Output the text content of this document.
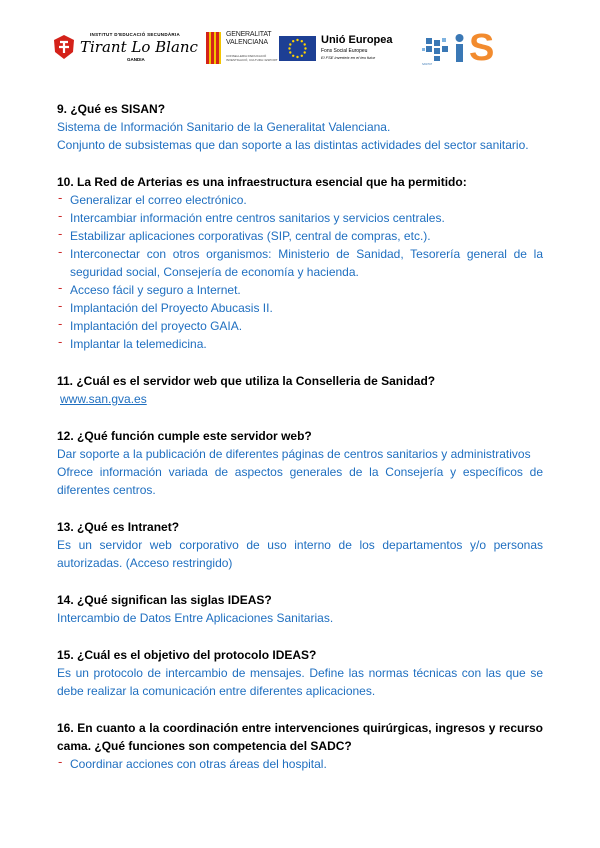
INSTITUT D'EDUCACIÓ SECUNDÀRIA
Tirant Lo Blanc
GANDIA
GENERALITAT
VALENCIANA
CONSELLERIA D'EDUCACIÓ
INVESTIGACIÓ, CULTURA I ESPORT
Unió Europea
Fons Social Europeu
El FSE inverteix en el teu futur
SANITAT S

9. ¿Qué es SISAN?

Sistema de Información Sanitario de la Generalitat Valenciana.

Conjunto de subsistemas que dan soporte a las distintas actividades del sector sanitario.

10. La Red de Arterias es una infraestructura esencial que ha permitido:

- Generalizar el correo electrónico.
- Intercambiar información entre centros sanitarios y servicios centrales.
- Estabilizar aplicaciones corporativas (SIP, central de compras, etc.).
- Interconectar con otros organismos: Ministerio de Sanidad, Tesorería general de la seguridad social, Consejería de economía y hacienda.
- Acceso fácil y seguro a Internet.
- Implantación del Proyecto Abucasis II.
- Implantación del proyecto GAIA.
- Implantar la telemedicina.

11. ¿Cuál es el servidor web que utiliza la Conselleria de Sanidad?

www.san.gva.es

12. ¿Qué función cumple este servidor web?

Dar soporte a la publicación de diferentes páginas de centros sanitarios y administrativos

Ofrece información variada de aspectos generales de la Consejería y específicos de diferentes centros.

13. ¿Qué es Intranet?

Es un servidor web corporativo de uso interno de los departamentos y/o personas autorizadas. (Acceso restringido)

14. ¿Qué significan las siglas IDEAS?

Intercambio de Datos Entre Aplicaciones Sanitarias.

15. ¿Cuál es el objetivo del protocolo IDEAS?

Es un protocolo de intercambio de mensajes. Define las normas técnicas con las que se debe realizar la comunicación entre diferentes aplicaciones.

16. En cuanto a la coordinación entre intervenciones quirúrgicas, ingresos y recurso cama. ¿Qué funciones son competencia del SADC?

- Coordinar acciones con otras áreas del hospital.
